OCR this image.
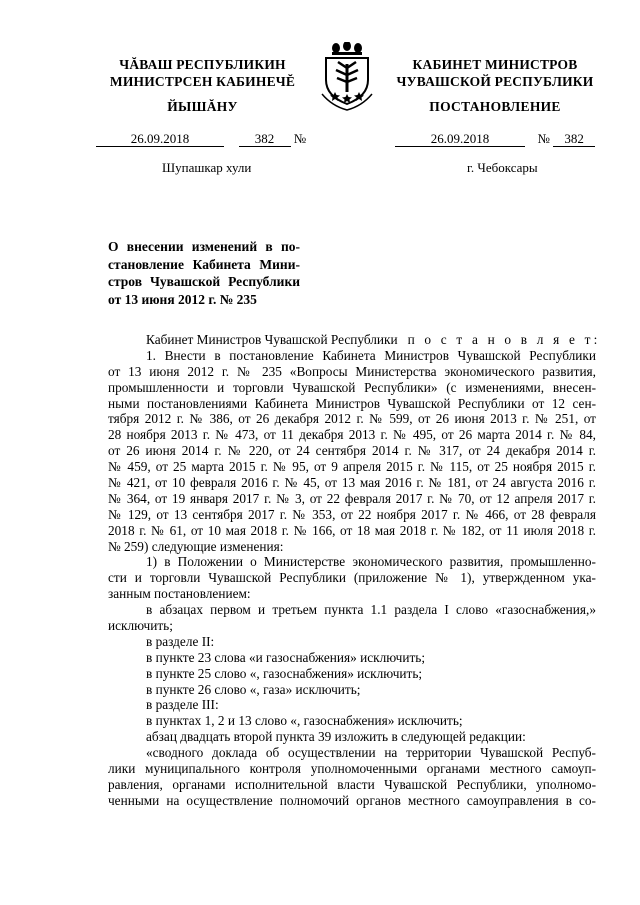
ЧĂВАШ РЕСПУБЛИКИН
МИНИСТРСЕН КАБИНЕЧĔ
ЙЫШĂНУ
КАБИНЕТ МИНИСТРОВ
ЧУВАШСКОЙ РЕСПУБЛИКИ
ПОСТАНОВЛЕНИЕ
26.09.2018	382 №	26.09.2018	№ 382
Шупашкар хули	г. Чебоксары
О внесении изменений в по-
становление Кабинета Мини-
стров Чувашской Республики
от 13 июня 2012 г. № 235
Кабинет Министров Чувашской Республики п о с т а н о в л я е т:
1. Внести в постановление Кабинета Министров Чувашской Республики
от 13 июня 2012 г. № 235 «Вопросы Министерства экономического развития,
промышленности и торговли Чувашской Республики» (с изменениями, внесен-
ными постановлениями Кабинета Министров Чувашской Республики от 12 сен-
тября 2012 г. № 386, от 26 декабря 2012 г. № 599, от 26 июня 2013 г. № 251, от
28 ноября 2013 г. № 473, от 11 декабря 2013 г. № 495, от 26 марта 2014 г. № 84,
от 26 июня 2014 г. № 220, от 24 сентября 2014 г. № 317, от 24 декабря 2014 г.
№ 459, от 25 марта 2015 г. № 95, от 9 апреля 2015 г. № 115, от 25 ноября 2015 г.
№ 421, от 10 февраля 2016 г. № 45, от 13 мая 2016 г. № 181, от 24 августа 2016 г.
№ 364, от 19 января 2017 г. № 3, от 22 февраля 2017 г. № 70, от 12 апреля 2017 г.
№ 129, от 13 сентября 2017 г. № 353, от 22 ноября 2017 г. № 466, от 28 февраля
2018 г. № 61, от 10 мая 2018 г. № 166, от 18 мая 2018 г. № 182, от 11 июля 2018 г.
№ 259) следующие изменения:
1) в Положении о Министерстве экономического развития, промышленно-
сти и торговли Чувашской Республики (приложение № 1), утвержденном ука-
занным постановлением:
в абзацах первом и третьем пункта 1.1 раздела I слово «газоснабжения,»
исключить;
в разделе II:
в пункте 23 слова «и газоснабжения» исключить;
в пункте 25 слово «, газоснабжения» исключить;
в пункте 26 слово «, газа» исключить;
в разделе III:
в пунктах 1, 2 и 13 слово «, газоснабжения» исключить;
абзац двадцать второй пункта 39 изложить в следующей редакции:
«сводного доклада об осуществлении на территории Чувашской Респуб-
лики муниципального контроля уполномоченными органами местного самоуп-
равления, органами исполнительной власти Чувашской Республики, уполномо-
ченными на осуществление полномочий органов местного самоуправления в со-
